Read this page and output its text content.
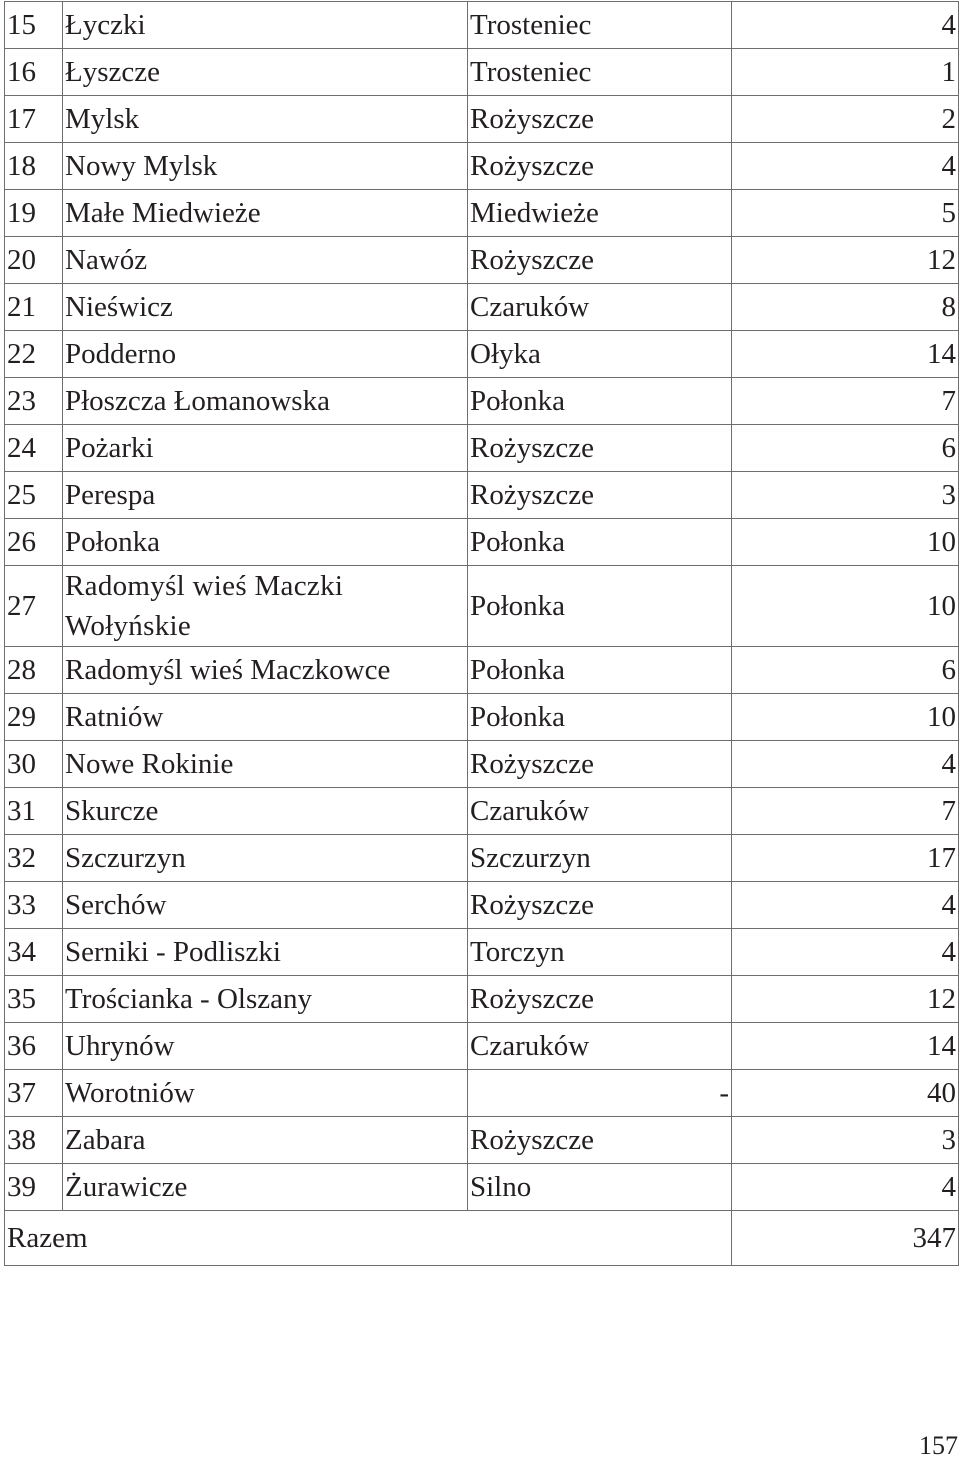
15	Łyczki	Trosteniec	4
16	Łyszcze	Trosteniec	1
17	Mylsk	Rożyszcze	2
18	Nowy Mylsk	Rożyszcze	4
19	Małe Miedwieże	Miedwieże	5
20	Nawóz	Rożyszcze	12
21	Nieświcz	Czaruków	8
22	Podderno	Ołyka	14
23	Płoszcza Łomanowska	Połonka	7
24	Pożarki	Rożyszcze	6
25	Perespa	Rożyszcze	3
26	Połonka	Połonka	10
27	Radomyśl wieś Maczki Wołyńskie	Połonka	10
28	Radomyśl wieś Maczkowce	Połonka	6
29	Ratniów	Połonka	10
30	Nowe Rokinie	Rożyszcze	4
31	Skurcze	Czaruków	7
32	Szczurzyn	Szczurzyn	17
33	Serchów	Rożyszcze	4
34	Serniki - Podliszki	Torczyn	4
35	Trościanka - Olszany	Rożyszcze	12
36	Uhrynów	Czaruków	14
37	Worotniów	-	40
38	Zabara	Rożyszcze	3
39	Żurawicze	Silno	4
Razem			347
157
